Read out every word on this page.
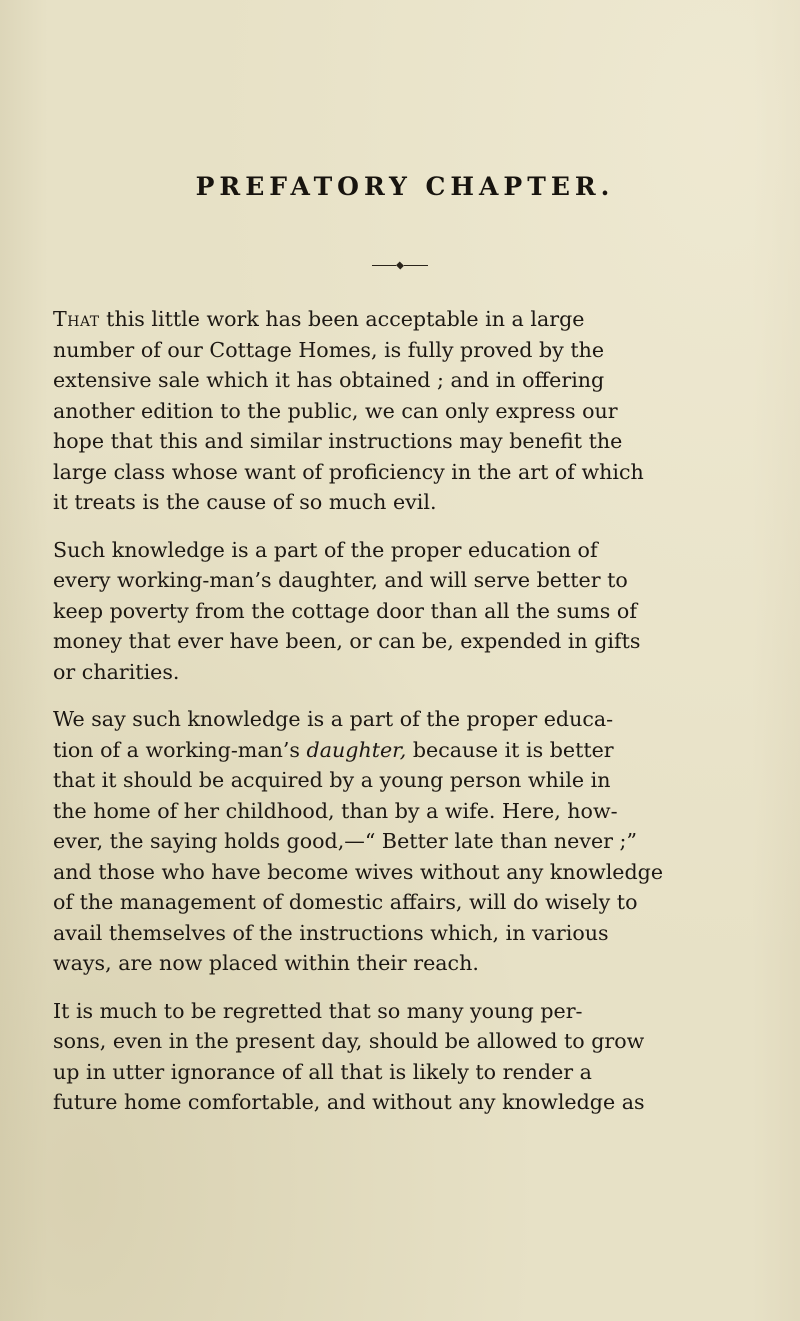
PREFATORY CHAPTER.

That this little work has been acceptable in a large
number of our Cottage Homes, is fully proved by the
extensive sale which it has obtained ; and in offering
another edition to the public, we can only express our
hope that this and similar instructions may benefit the
large class whose want of proficiency in the art of which
it treats is the cause of so much evil.

Such knowledge is a part of the proper education of
every working-man’s daughter, and will serve better to
keep poverty from the cottage door than all the sums of
money that ever have been, or can be, expended in gifts
or charities.

We say such knowledge is a part of the proper educa-
tion of a working-man’s daughter, because it is better
that it should be acquired by a young person while in
the home of her childhood, than by a wife. Here, how-
ever, the saying holds good,—“ Better late than never ;”
and those who have become wives without any knowledge
of the management of domestic affairs, will do wisely to
avail themselves of the instructions which, in various
ways, are now placed within their reach.

It is much to be regretted that so many young per-
sons, even in the present day, should be allowed to grow
up in utter ignorance of all that is likely to render a
future home comfortable, and without any knowledge as
